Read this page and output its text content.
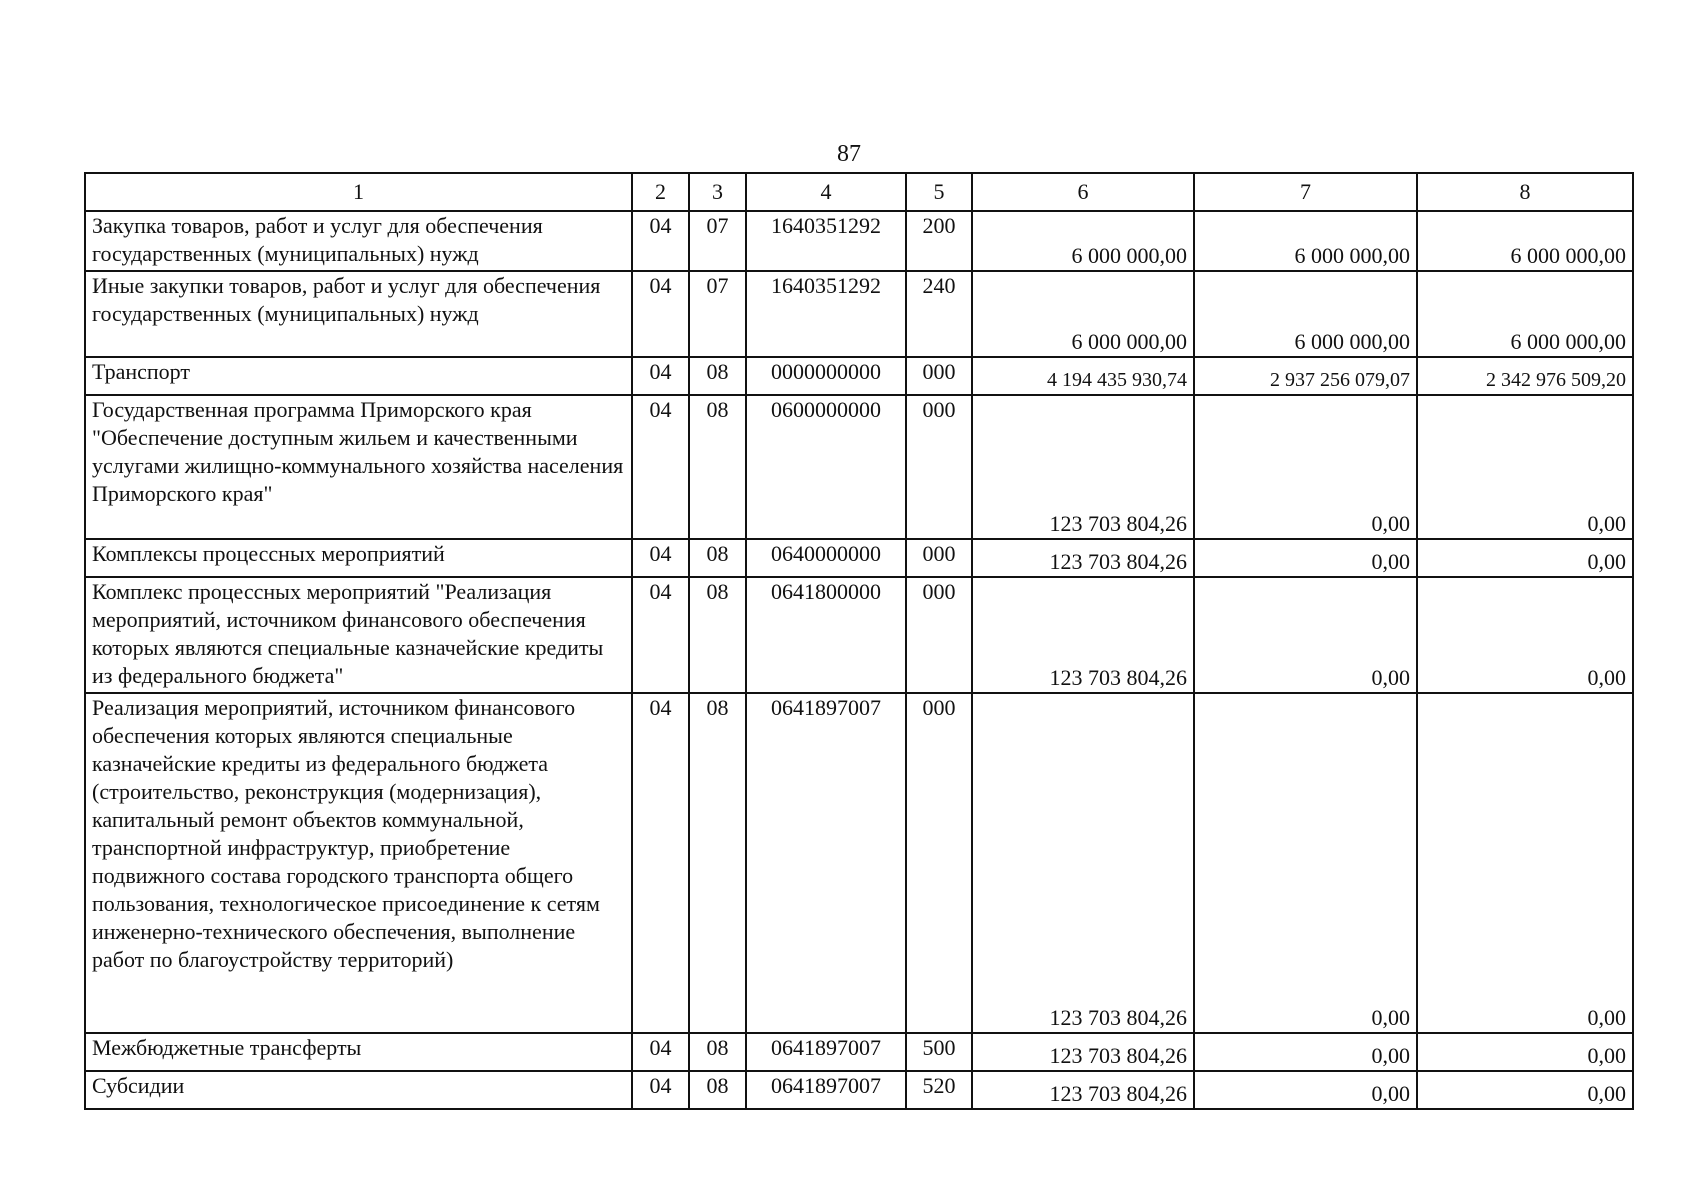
87
1	2	3	4	5	6	7	8
Закупка товаров, работ и услуг для обеспечения государственных (муниципальных) нужд	04	07	1640351292	200	6 000 000,00	6 000 000,00	6 000 000,00
Иные закупки товаров, работ и услуг для обеспечения государственных (муниципальных) нужд	04	07	1640351292	240	6 000 000,00	6 000 000,00	6 000 000,00
Транспорт	04	08	0000000000	000	4 194 435 930,74	2 937 256 079,07	2 342 976 509,20
Государственная программа Приморского края "Обеспечение доступным жильем и качественными услугами жилищно-коммунального хозяйства населения Приморского края"	04	08	0600000000	000	123 703 804,26	0,00	0,00
Комплексы процессных мероприятий	04	08	0640000000	000	123 703 804,26	0,00	0,00
Комплекс процессных мероприятий "Реализация мероприятий, источником финансового обеспечения которых являются специальные казначейские кредиты из федерального бюджета"	04	08	0641800000	000	123 703 804,26	0,00	0,00
Реализация мероприятий, источником финансового обеспечения которых являются специальные казначейские кредиты из федерального бюджета (строительство, реконструкция (модернизация), капитальный ремонт объектов коммунальной, транспортной инфраструктур, приобретение подвижного состава городского транспорта общего пользования, технологическое присоединение к сетям инженерно-технического обеспечения, выполнение работ по благоустройству территорий)	04	08	0641897007	000	123 703 804,26	0,00	0,00
Межбюджетные трансферты	04	08	0641897007	500	123 703 804,26	0,00	0,00
Субсидии	04	08	0641897007	520	123 703 804,26	0,00	0,00
